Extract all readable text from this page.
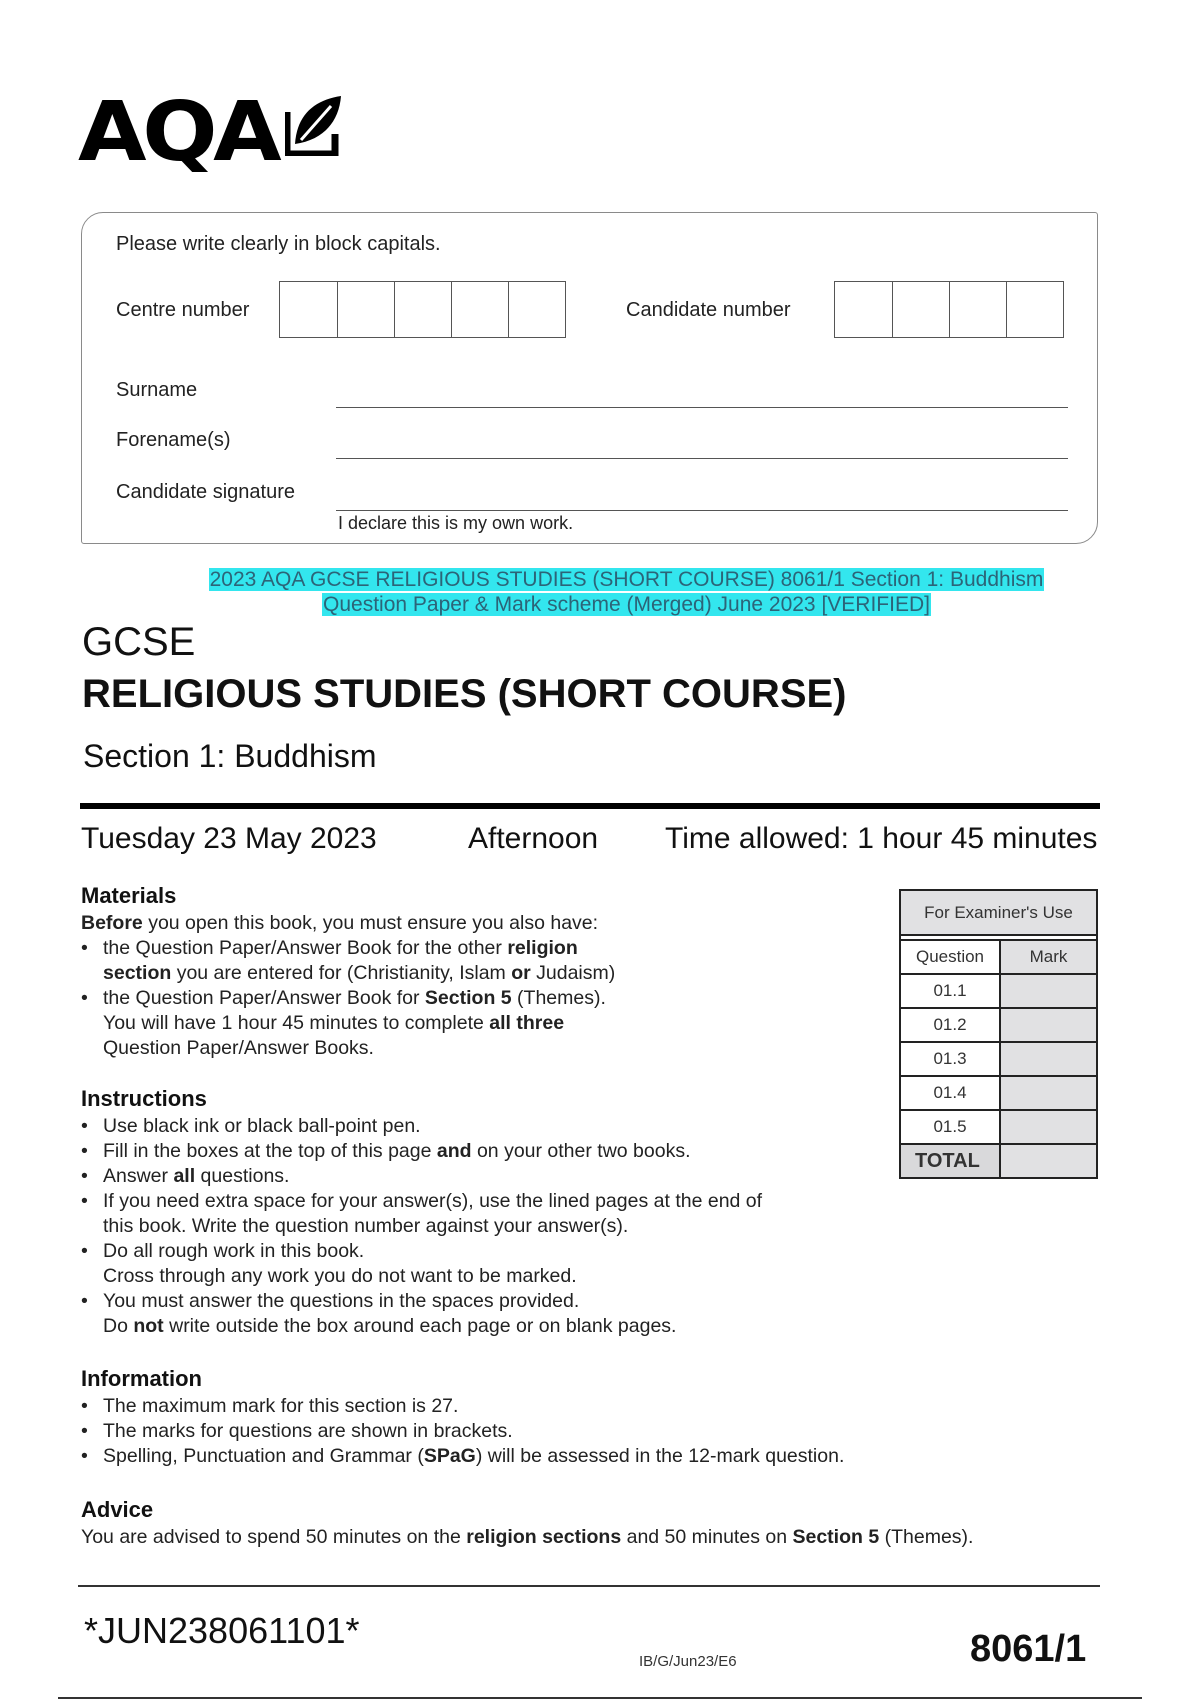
AQA
Please write clearly in block capitals.
Centre number	Candidate number
Surname
Forename(s)
Candidate signature
I declare this is my own work.
2023 AQA GCSE RELIGIOUS STUDIES (SHORT COURSE) 8061/1 Section 1: Buddhism
Question Paper & Mark scheme (Merged) June 2023 [VERIFIED]
GCSE
RELIGIOUS STUDIES (SHORT COURSE)
Section 1: Buddhism
Tuesday 23 May 2023	Afternoon Time allowed: 1 hour 45 minutes
Materials
Before you open this book, you must ensure you also have:
• the Question Paper/Answer Book for the other religion
section you are entered for (Christianity, Islam or Judaism)
• the Question Paper/Answer Book for Section 5 (Themes).
You will have 1 hour 45 minutes to complete all three
Question Paper/Answer Books.
Instructions
• Use black ink or black ball-point pen.
• Fill in the boxes at the top of this page and on your other two books.
• Answer all questions.
• If you need extra space for your answer(s), use the lined pages at the end of
this book. Write the question number against your answer(s).
• Do all rough work in this book.
Cross through any work you do not want to be marked.
• You must answer the questions in the spaces provided.
Do not write outside the box around each page or on blank pages.
Information
• The maximum mark for this section is 27.
• The marks for questions are shown in brackets.
• Spelling, Punctuation and Grammar (SPaG) will be assessed in the 12-mark question.
Advice
You are advised to spend 50 minutes on the religion sections and 50 minutes on Section 5 (Themes).
For Examiner's Use	

Question	Mark
01.1	
01.2	
01.3	
01.4	
01.5	
TOTAL	
*JUN238061101*
IB/G/Jun23/E6	8061/1
